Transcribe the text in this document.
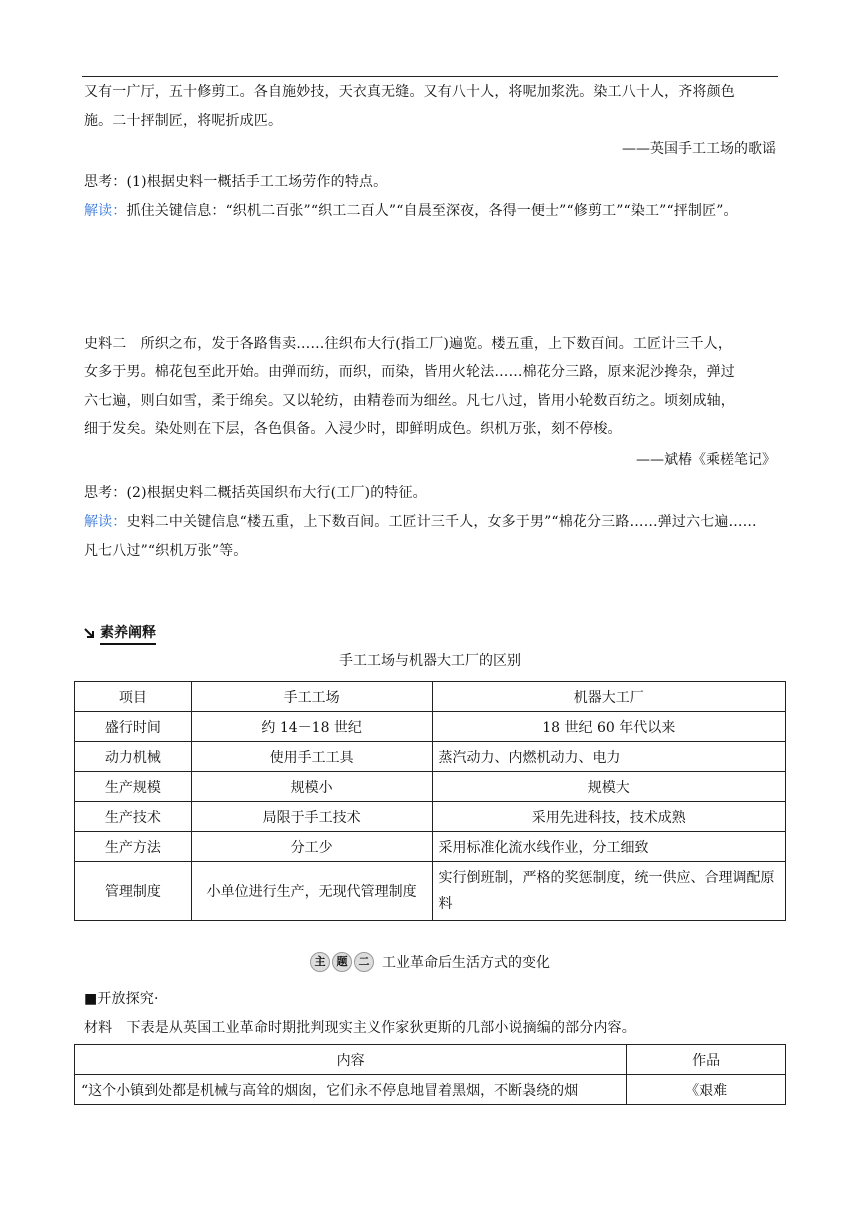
又有一广厅，五十修剪工。各自施妙技，天衣真无缝。又有八十人，将呢加浆洗。染工八十人，齐将颜色
施。二十抨制匠，将呢折成匹。
——英国手工工场的歌谣
思考：(1)根据史料一概括手工工场劳作的特点。
解读：抓住关键信息：“织机二百张”“织工二百人”“自晨至深夜，各得一便士”“修剪工”“染工”“抨制匠”。
史料二　所织之布，发于各路售卖……往织布大行(指工厂)遍览。楼五重，上下数百间。工匠计三千人，
女多于男。棉花包至此开始。由弹而纺，而织，而染，皆用火轮法……棉花分三路，原来泥沙搀杂，弹过
六七遍，则白如雪，柔于绵矣。又以轮纺，由精卷而为细丝。凡七八过，皆用小轮数百纺之。顷刻成轴，
细于发矣。染处则在下层，各色俱备。入浸少时，即鲜明成色。织机万张，刻不停梭。
——斌椿《乘槎笔记》
思考：(2)根据史料二概括英国织布大行(工厂)的特征。
解读：史料二中关键信息“楼五重，上下数百间。工匠计三千人，女多于男”“棉花分三路……弹过六七遍……
凡七八过”“织机万张”等。
素养阐释
手工工场与机器大工厂的区别
项目	手工工场	机器大工厂
盛行时间	约 14－18 世纪	18 世纪 60 年代以来
动力机械	使用手工工具	蒸汽动力、内燃机动力、电力
生产规模	规模小	规模大
生产技术	局限于手工技术	采用先进科技，技术成熟
生产方法	分工少	采用标准化流水线作业，分工细致
管理制度	小单位进行生产，无现代管理制度	实行倒班制，严格的奖惩制度，统一供应、合理调配原料
主	题	二 工业革命后生活方式的变化
■开放探究·
材料　下表是从英国工业革命时期批判现实主义作家狄更斯的几部小说摘编的部分内容。
内容	作品
“这个小镇到处都是机械与高耸的烟囱，它们永不停息地冒着黑烟，不断袅绕的烟	《艰难
